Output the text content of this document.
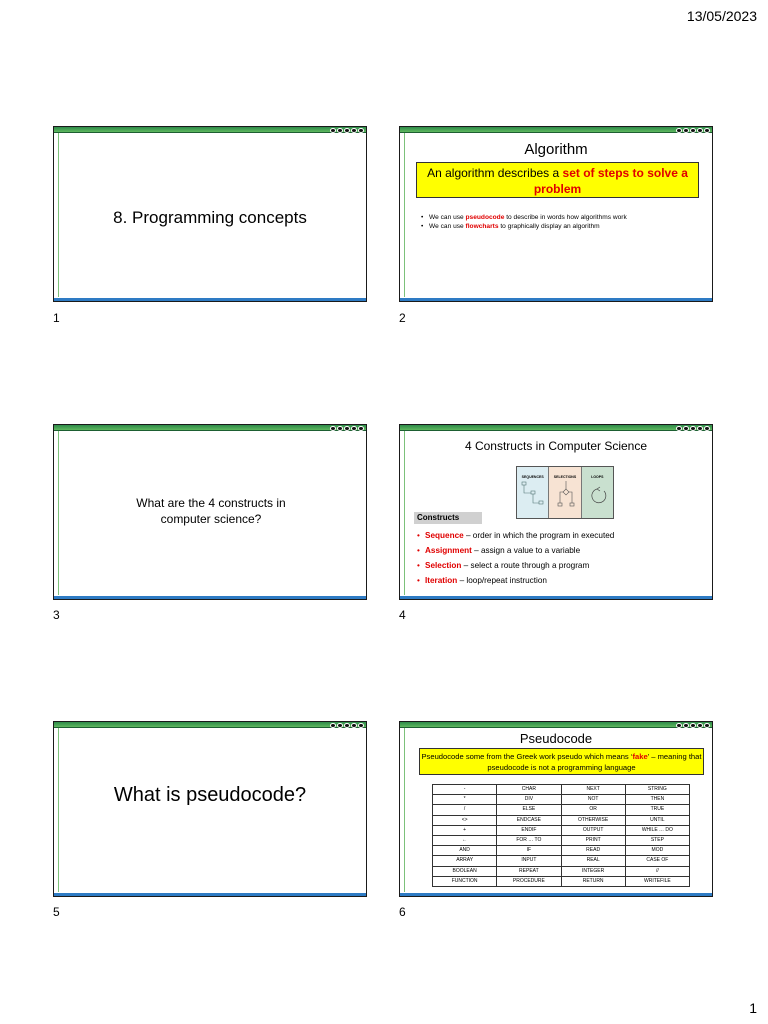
13/05/2023
8. Programming concepts
1
Algorithm
An algorithm describes a set of steps to solve a problem
• We can use pseudocode to describe in words how algorithms work
• We can use flowcharts to graphically display an algorithm
2
What are the 4 constructs in computer science?
3
4 Constructs in Computer Science
SEQUENCES	SELECTIONS	LOOPS
Constructs
• Sequence – order in which the program in executed
• Assignment – assign a value to a variable
• Selection – select a route through a program
• Iteration – loop/repeat instruction
4
What is pseudocode?
5
Pseudocode
Pseudocode some from the Greek work pseudo which means ‘fake’ – meaning that pseudocode is not a programming language
-	CHAR	NEXT	STRING
*	DIV	NOT	THEN
/	ELSE	OR	TRUE
<>	ENDCASE	OTHERWISE	UNTIL
+	ENDIF	OUTPUT	WHILE … DO
←	FOR … TO	PRINT	STEP
AND	IF	READ	MOD
ARRAY	INPUT	REAL	CASE OF
BOOLEAN	REPEAT	INTEGER	//
FUNCTION	PROCEDURE	RETURN	WRITEFILE
6
1
